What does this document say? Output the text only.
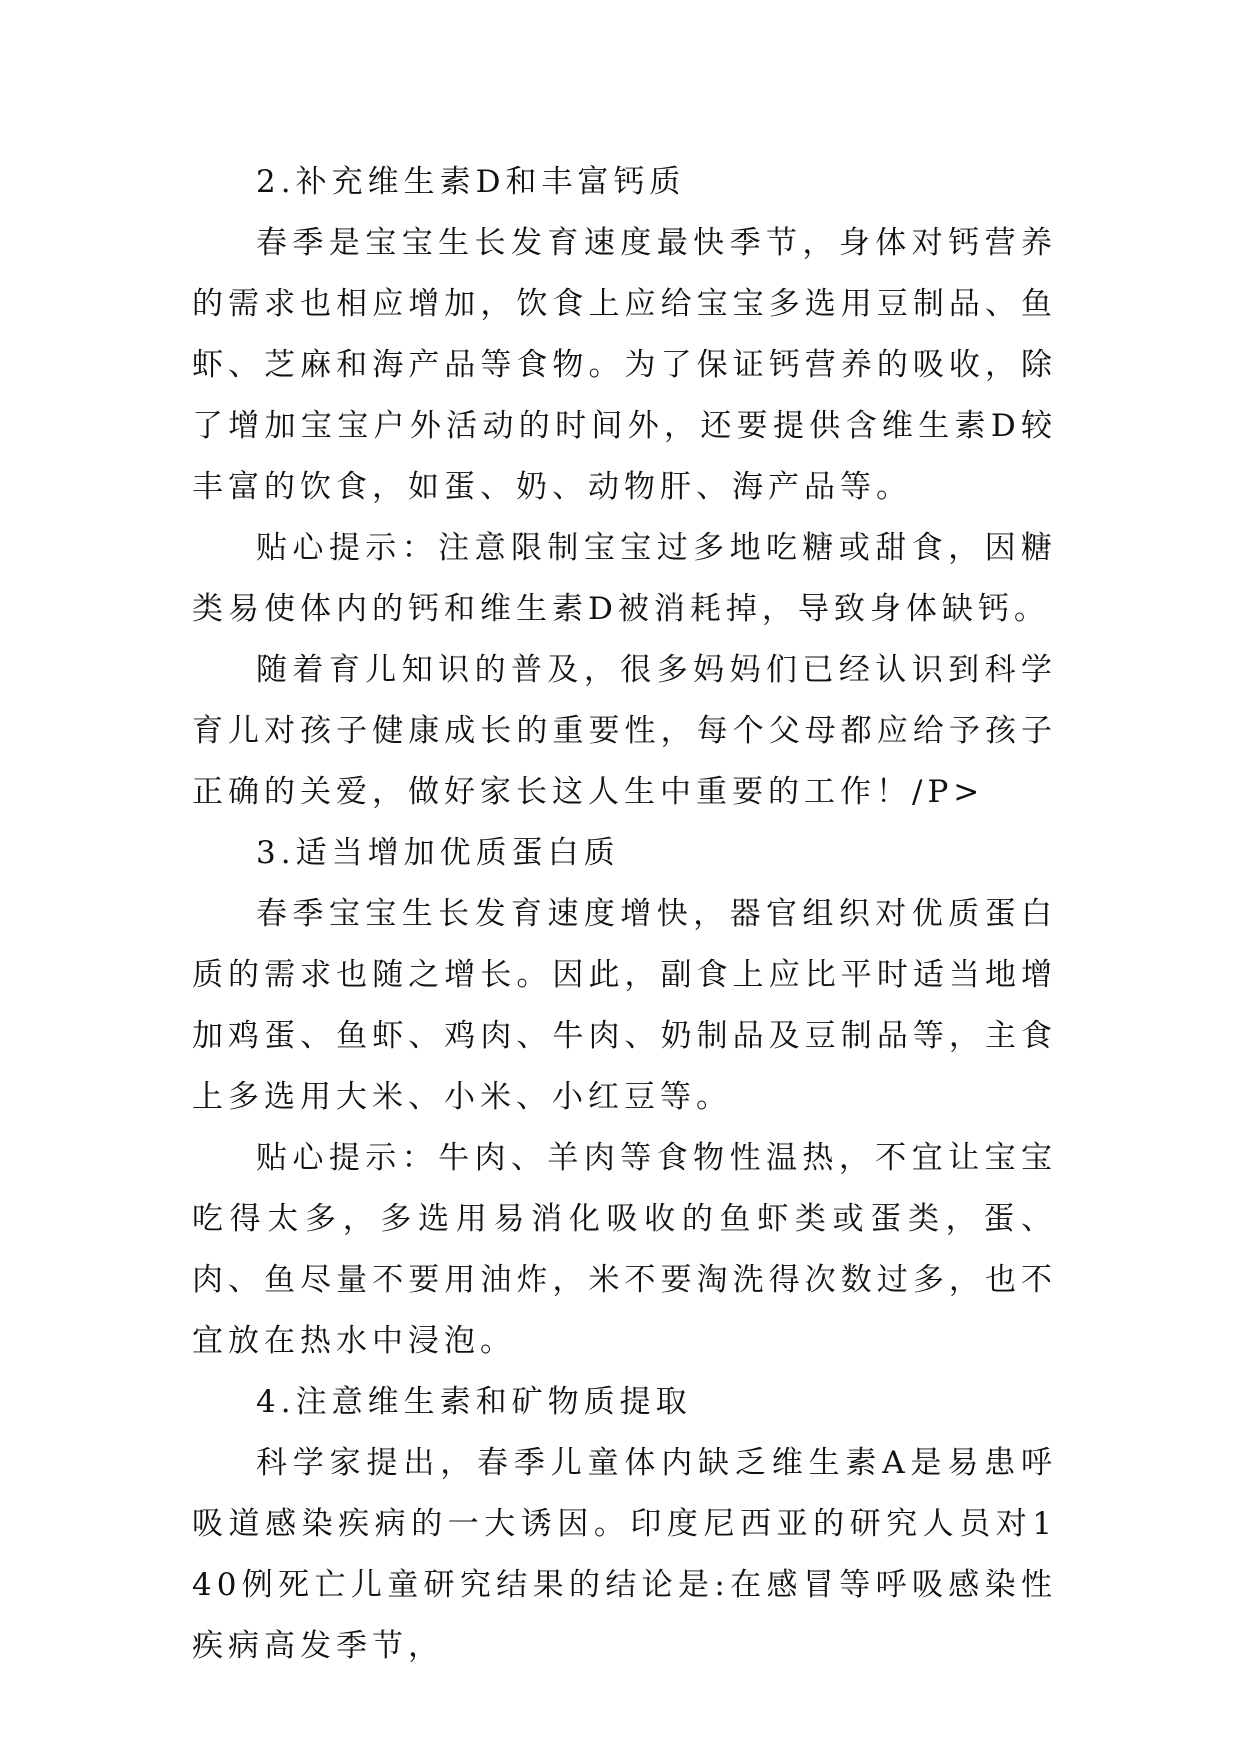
2.补充维生素D和丰富钙质

春季是宝宝生长发育速度最快季节，身体对钙营养的需求也相应增加，饮食上应给宝宝多选用豆制品、鱼虾、芝麻和海产品等食物。为了保证钙营养的吸收，除了增加宝宝户外活动的时间外，还要提供含维生素D较丰富的饮食，如蛋、奶、动物肝、海产品等。

贴心提示：注意限制宝宝过多地吃糖或甜食，因糖类易使体内的钙和维生素D被消耗掉，导致身体缺钙。

随着育儿知识的普及，很多妈妈们已经认识到科学育儿对孩子健康成长的重要性，每个父母都应给予孩子正确的关爱，做好家长这人生中重要的工作！/P>

3.适当增加优质蛋白质

春季宝宝生长发育速度增快，器官组织对优质蛋白质的需求也随之增长。因此，副食上应比平时适当地增加鸡蛋、鱼虾、鸡肉、牛肉、奶制品及豆制品等，主食上多选用大米、小米、小红豆等。

贴心提示：牛肉、羊肉等食物性温热，不宜让宝宝吃得太多，多选用易消化吸收的鱼虾类或蛋类，蛋、肉、鱼尽量不要用油炸，米不要淘洗得次数过多，也不宜放在热水中浸泡。

4.注意维生素和矿物质提取

科学家提出，春季儿童体内缺乏维生素A是易患呼吸道感染疾病的一大诱因。印度尼西亚的研究人员对140例死亡儿童研究结果的结论是:在感冒等呼吸感染性疾病高发季节，
